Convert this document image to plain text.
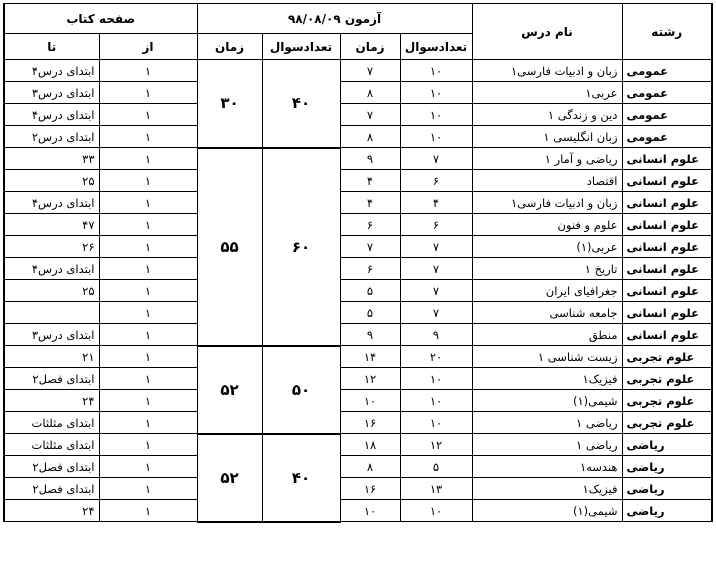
رشته	نام درس	آزمون ۹۸/۰۸/۰۹				صفحه کتاب	
		تعدادسوال	زمان	تعدادسوال	زمان	از	تا
عمومی	زبان و ادبیات فارسی۱	۱۰	۷	۴۰	۳۰	۱	ابتدای درس۴
عمومی	عربی۱	۱۰	۸			۱	ابتدای درس۳
عمومی	دین و زندگی ۱	۱۰	۷			۱	ابتدای درس۴
عمومی	زبان انگلیسی ۱	۱۰	۸			۱	ابتدای درس۲
علوم انسانی	ریاضی و آمار ۱	۷	۹	۶۰	۵۵	۱	۳۳
علوم انسانی	اقتصاد	۶	۴			۱	۲۵
علوم انسانی	زبان و ادبیات فارسی۱	۴	۴			۱	ابتدای درس۴
علوم انسانی	علوم و فنون	۶	۶			۱	۴۷
علوم انسانی	عربی(۱)	۷	۷			۱	۲۶
علوم انسانی	تاریخ ۱	۷	۶			۱	ابتدای درس۴
علوم انسانی	جغرافیای ایران	۷	۵			۱	۲۵
علوم انسانی	جامعه شناسی	۷	۵			۱	
علوم انسانی	منطق	۹	۹			۱	ابتدای درس۳
علوم تجربی	زیست شناسی ۱	۲۰	۱۴	۵۰	۵۲	۱	۲۱
علوم تجربی	فیزیک۱	۱۰	۱۲			۱	ابتدای فصل۲
علوم تجربی	شیمی(۱)	۱۰	۱۰			۱	۲۴
علوم تجربی	ریاضی ۱	۱۰	۱۶			۱	ابتدای مثلثات
ریاضی	ریاضی ۱	۱۲	۱۸	۴۰	۵۲	۱	ابتدای مثلثات
ریاضی	هندسه۱	۵	۸			۱	ابتدای فصل۲
ریاضی	فیزیک۱	۱۳	۱۶			۱	ابتدای فصل۲
ریاضی	شیمی(۱)	۱۰	۱۰			۱	۲۴
